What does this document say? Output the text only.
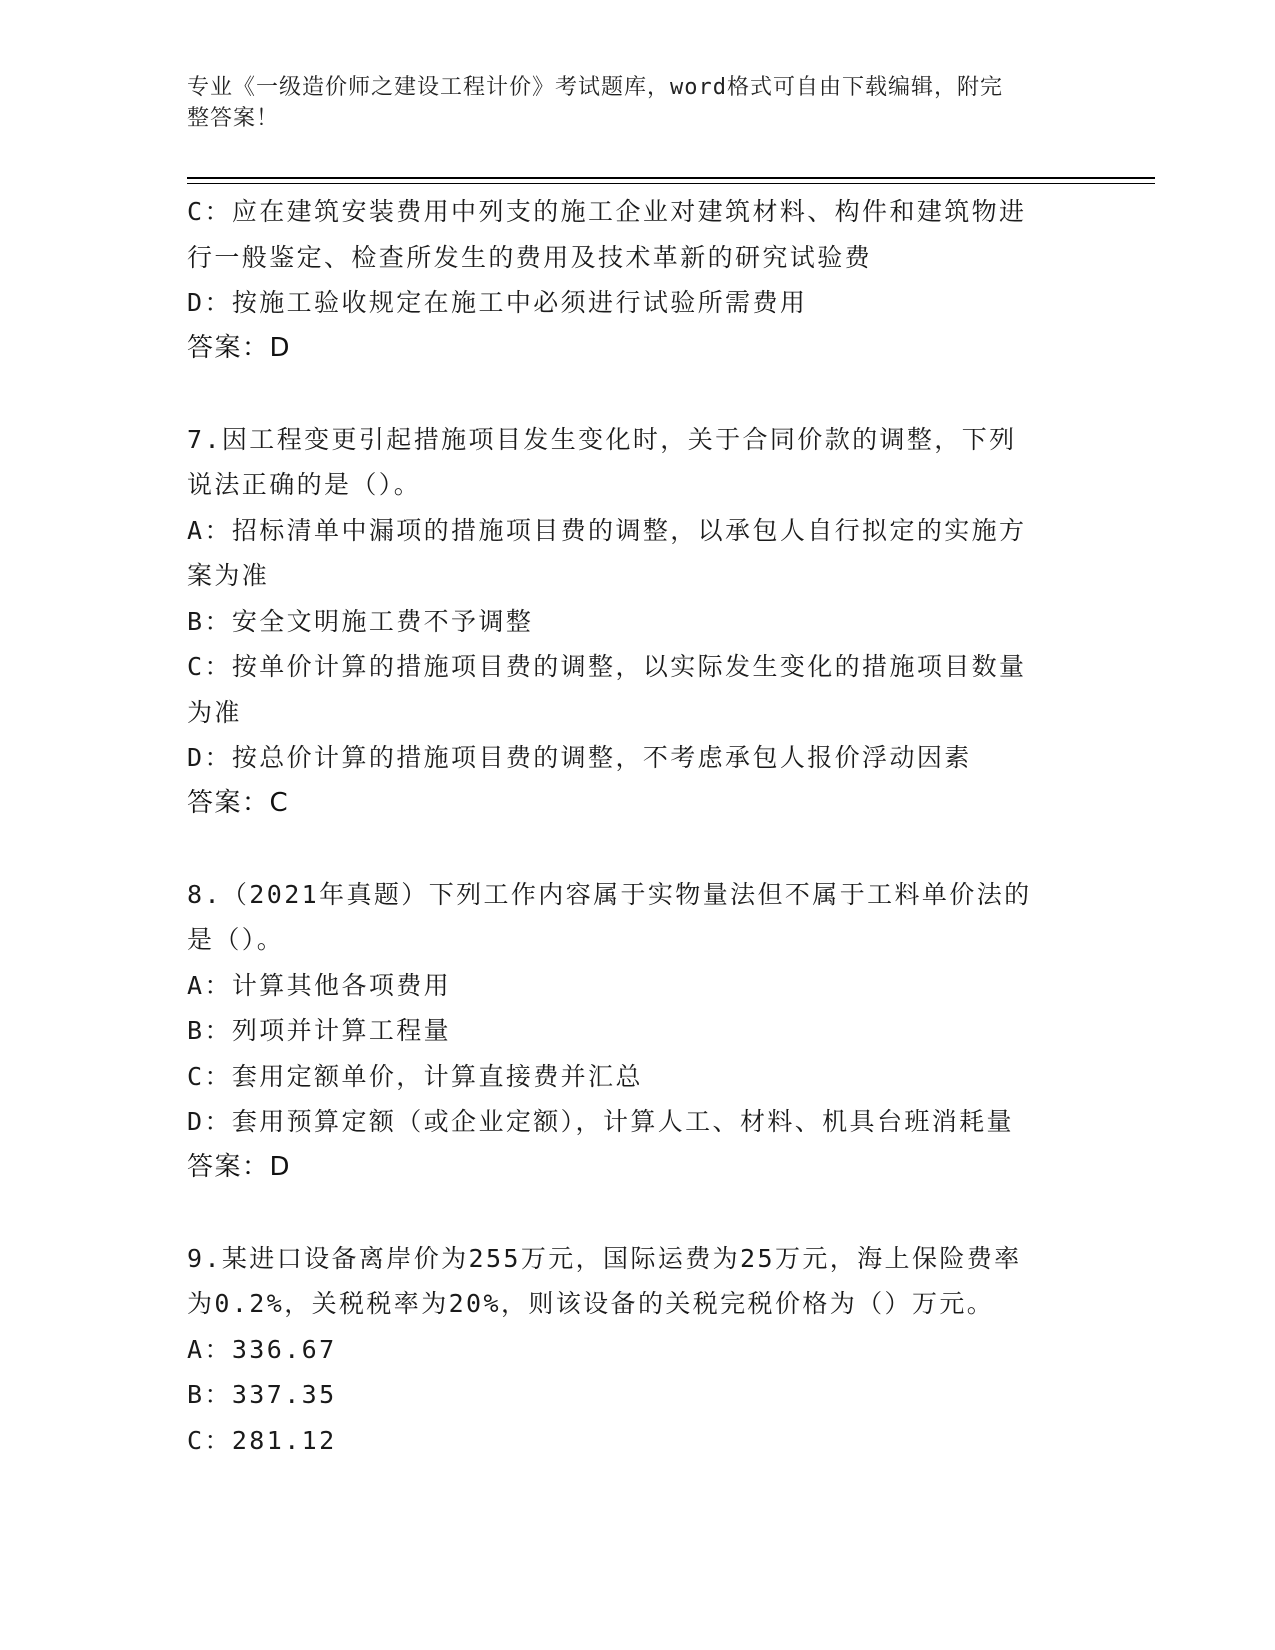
专业《一级造价师之建设工程计价》考试题库，word格式可自由下载编辑，附完
整答案！
C：应在建筑安装费用中列支的施工企业对建筑材料、构件和建筑物进
行一般鉴定、检查所发生的费用及技术革新的研究试验费
D：按施工验收规定在施工中必须进行试验所需费用
答案：D
7.因工程变更引起措施项目发生变化时，关于合同价款的调整，下列
说法正确的是（）。
A：招标清单中漏项的措施项目费的调整，以承包人自行拟定的实施方
案为准
B：安全文明施工费不予调整
C：按单价计算的措施项目费的调整，以实际发生变化的措施项目数量
为准
D：按总价计算的措施项目费的调整，不考虑承包人报价浮动因素
答案：C
8.（2021年真题）下列工作内容属于实物量法但不属于工料单价法的
是（）。
A：计算其他各项费用
B：列项并计算工程量
C：套用定额单价，计算直接费并汇总
D：套用预算定额（或企业定额），计算人工、材料、机具台班消耗量
答案：D
9.某进口设备离岸价为255万元，国际运费为25万元，海上保险费率
为0.2%，关税税率为20%，则该设备的关税完税价格为（）万元。
A：336.67
B：337.35
C：281.12
